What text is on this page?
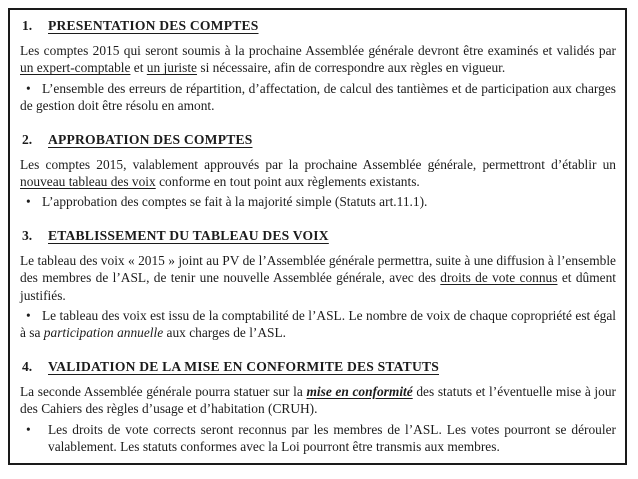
1. PRESENTATION DES COMPTES

Les comptes 2015 qui seront soumis à la prochaine Assemblée générale devront être examinés et validés par un expert-comptable et un juriste si nécessaire, afin de correspondre aux règles en vigueur.

• L’ensemble des erreurs de répartition, d’affectation, de calcul des tantièmes et de participation aux charges de gestion doit être résolu en amont.

2. APPROBATION DES COMPTES

Les comptes 2015, valablement approuvés par la prochaine Assemblée générale, permettront d’établir un nouveau tableau des voix conforme en tout point aux règlements existants.

• L’approbation des comptes se fait à la majorité simple (Statuts art.11.1).

3. ETABLISSEMENT DU TABLEAU DES VOIX

Le tableau des voix « 2015 » joint au PV de l’Assemblée générale permettra, suite à une diffusion à l’ensemble des membres de l’ASL, de tenir une nouvelle Assemblée générale, avec des droits de vote connus et dûment justifiés.

• Le tableau des voix est issu de la comptabilité de l’ASL. Le nombre de voix de chaque copropriété est égal à sa participation annuelle aux charges de l’ASL.

4. VALIDATION DE LA MISE EN CONFORMITE DES STATUTS

La seconde Assemblée générale pourra statuer sur la mise en conformité des statuts et l’éventuelle mise à jour des Cahiers des règles d’usage et d’habitation (CRUH).

•	Les droits de vote corrects seront reconnus par les membres de l’ASL. Les votes pourront se dérouler valablement. Les statuts conformes avec la Loi pourront être transmis aux membres.
